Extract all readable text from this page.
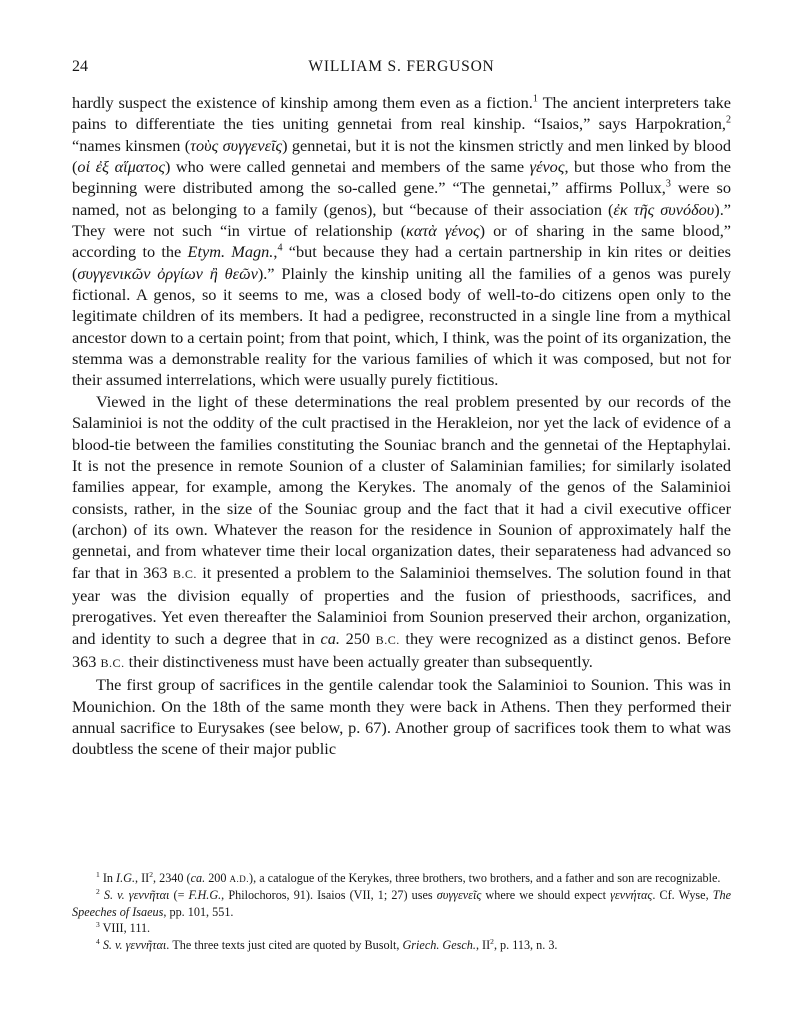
24	WILLIAM S. FERGUSON

hardly suspect the existence of kinship among them even as a fiction.$^1$ The ancient interpreters take pains to differentiate the ties uniting gennetai from real kinship. “Isaios,” says Harpokration,$^2$ “names kinsmen (τοὺς συγγενεῖς) gennetai, but it is not the kinsmen strictly and men linked by blood (οἱ ἐξ αἵματος) who were called gennetai and members of the same γένος, but those who from the beginning were distributed among the so-called gene.” “The gennetai,” affirms Pollux,$^3$ were so named, not as belonging to a family (genos), but “because of their association (ἐκ τῆς συνόδου).” They were not such “in virtue of relationship (κατὰ γένος) or of sharing in the same blood,” according to the Etym. Magn.,$^4$ “but because they had a certain partnership in kin rites or deities (συγγενικῶν ὀργίων ἢ θεῶν).” Plainly the kinship uniting all the families of a genos was purely fictional. A genos, so it seems to me, was a closed body of well-to-do citizens open only to the legitimate children of its members. It had a pedigree, reconstructed in a single line from a mythical ancestor down to a certain point; from that point, which, I think, was the point of its organization, the stemma was a demonstrable reality for the various families of which it was composed, but not for their assumed interrelations, which were usually purely fictitious.

Viewed in the light of these determinations the real problem presented by our records of the Salaminioi is not the oddity of the cult practised in the Herakleion, nor yet the lack of evidence of a blood-tie between the families constituting the Souniac branch and the gennetai of the Heptaphylai. It is not the presence in remote Sounion of a cluster of Salaminian families; for similarly isolated families appear, for example, among the Kerykes. The anomaly of the genos of the Salaminioi consists, rather, in the size of the Souniac group and the fact that it had a civil executive officer (archon) of its own. Whatever the reason for the residence in Sounion of approximately half the gennetai, and from whatever time their local organization dates, their separateness had advanced so far that in 363 B.C. it presented a problem to the Salaminioi themselves. The solution found in that year was the division equally of properties and the fusion of priesthoods, sacrifices, and prerogatives. Yet even thereafter the Salaminioi from Sounion preserved their archon, organization, and identity to such a degree that in ca. 250 B.C. they were recognized as a distinct genos. Before 363 B.C. their distinctiveness must have been actually greater than subsequently.

The first group of sacrifices in the gentile calendar took the Salaminioi to Sounion. This was in Mounichion. On the 18th of the same month they were back in Athens. Then they performed their annual sacrifice to Eurysakes (see below, p. 67). Another group of sacrifices took them to what was doubtless the scene of their major public

$^1$ In I.G., $II^2$, 2340 (ca. 200 A.D.), a catalogue of the Kerykes, three brothers, two brothers, and a father and son are recognizable.

$^2$ S. v. γεννῆται (= F.H.G., Philochoros, 91). Isaios (VII, 1; 27) uses συγγενεῖς where we should expect γεννήτας. Cf. Wyse, The Speeches of Isaeus, pp. 101, 551.

$^3$ VIII, 111.

$^4$ S. v. γεννῆται. The three texts just cited are quoted by Busolt, Griech. Gesch., $II^2$, p. 113, n. 3.
